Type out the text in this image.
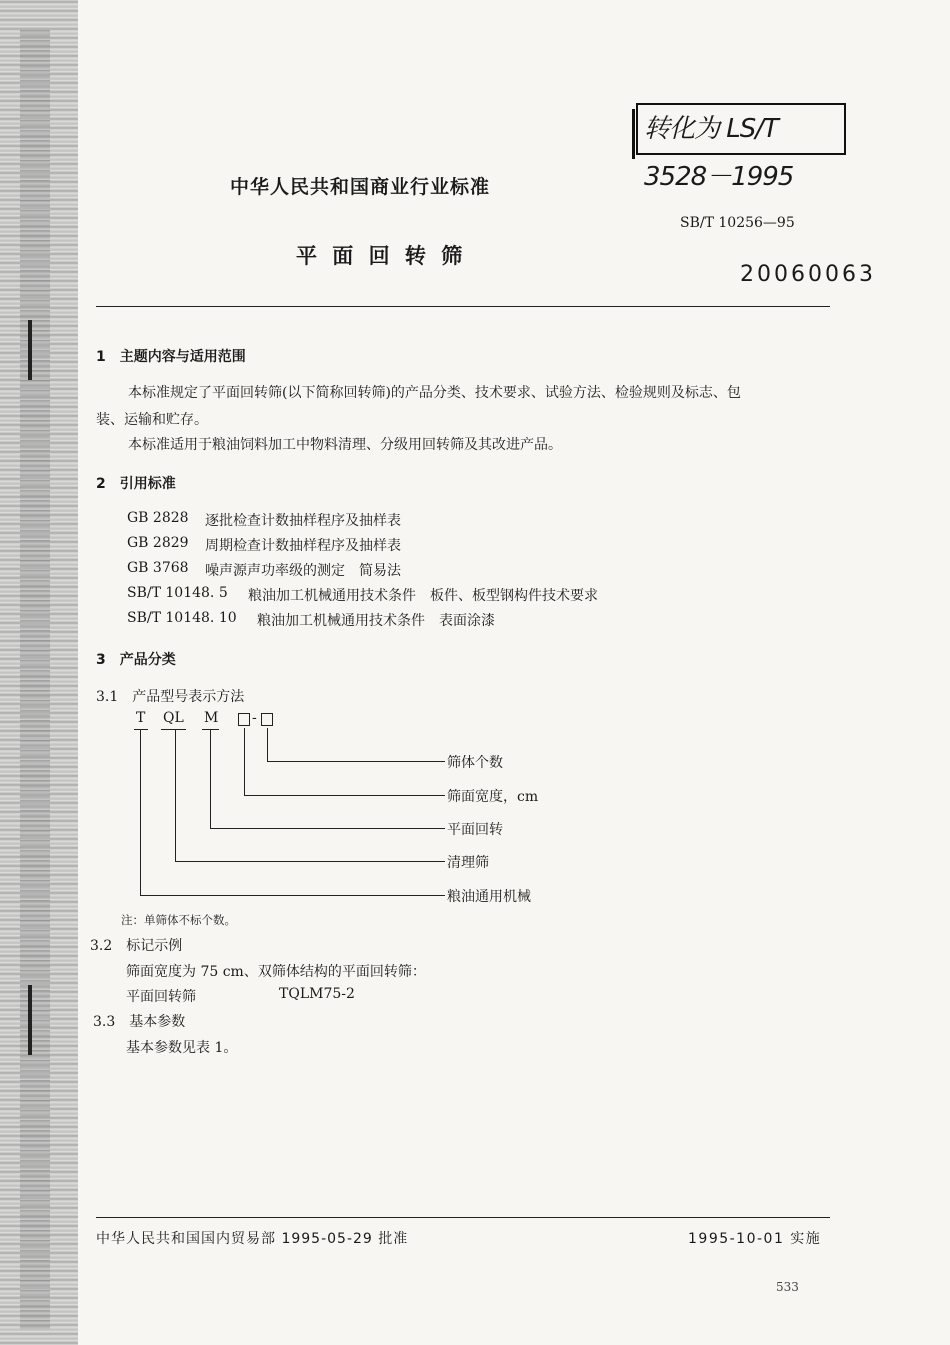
转化为 LS/T 3528－1995
中华人民共和国商业行业标准
SB/T 10256—95
平 面 回 转 筛
20060063
1　主题内容与适用范围
本标准规定了平面回转筛(以下简称回转筛)的产品分类、技术要求、试验方法、检验规则及标志、包
装、运输和贮存。
本标准适用于粮油饲料加工中物料清理、分级用回转筛及其改进产品。
2　引用标准
GB 2828 逐批检查计数抽样程序及抽样表
GB 2829 周期检查计数抽样程序及抽样表
GB 3768 噪声源声功率级的测定　简易法
SB/T 10148. 5 粮油加工机械通用技术条件　板件、板型钢构件技术要求
SB/T 10148. 10 粮油加工机械通用技术条件　表面涂漆
3　产品分类
3.1　产品型号表示方法
T QL M -
筛体个数
筛面宽度，cm
平面回转
清理筛
粮油通用机械
注：单筛体不标个数。
3.2　标记示例
筛面宽度为 75 cm、双筛体结构的平面回转筛：
平面回转筛	TQLM75-2
3.3　基本参数
基本参数见表 1。
中华人民共和国国内贸易部 1995-05-29 批准	1995-10-01 实施
533
